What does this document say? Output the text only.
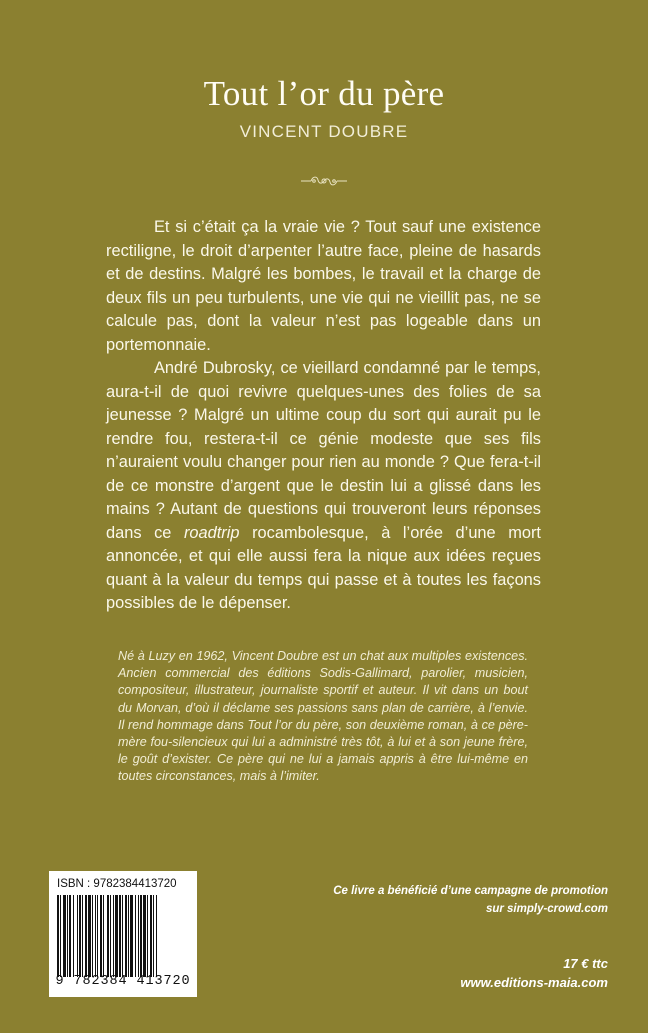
Tout l’or du père
VINCENT DOUBRE

Et si c’était ça la vraie vie ? Tout sauf une existence rectiligne, le droit d’arpenter l’autre face, pleine de hasards et de destins. Malgré les bombes, le travail et la charge de deux fils un peu turbulents, une vie qui ne vieillit pas, ne se calcule pas, dont la valeur n’est pas logeable dans un portemonnaie.

André Dubrosky, ce vieillard condamné par le temps, aura-t-il de quoi revivre quelques-unes des folies de sa jeunesse ? Malgré un ultime coup du sort qui aurait pu le rendre fou, restera-t-il ce génie modeste que ses fils n’auraient voulu changer pour rien au monde ? Que fera-t-il de ce monstre d’argent que le destin lui a glissé dans les mains ? Autant de questions qui trouveront leurs réponses dans ce roadtrip rocambolesque, à l’orée d’une mort annoncée, et qui elle aussi fera la nique aux idées reçues quant à la valeur du temps qui passe et à toutes les façons possibles de le dépenser.

Né à Luzy en 1962, Vincent Doubre est un chat aux multiples existences. Ancien commercial des éditions Sodis-Gallimard, parolier, musicien, compositeur, illustrateur, journaliste sportif et auteur. Il vit dans un bout du Morvan, d’où il déclame ses passions sans plan de carrière, à l’envie. Il rend hommage dans Tout l’or du père, son deuxième roman, à ce père-mère fou-silencieux qui lui a administré très tôt, à lui et à son jeune frère, le goût d’exister. Ce père qui ne lui a jamais appris à être lui-même en toutes circonstances, mais à l’imiter.
ISBN : 9782384413720
9 782384 413720
Ce livre a bénéficié d’une campagne de promotion
sur simply-crowd.com
17 € ttc
www.editions-maia.com
